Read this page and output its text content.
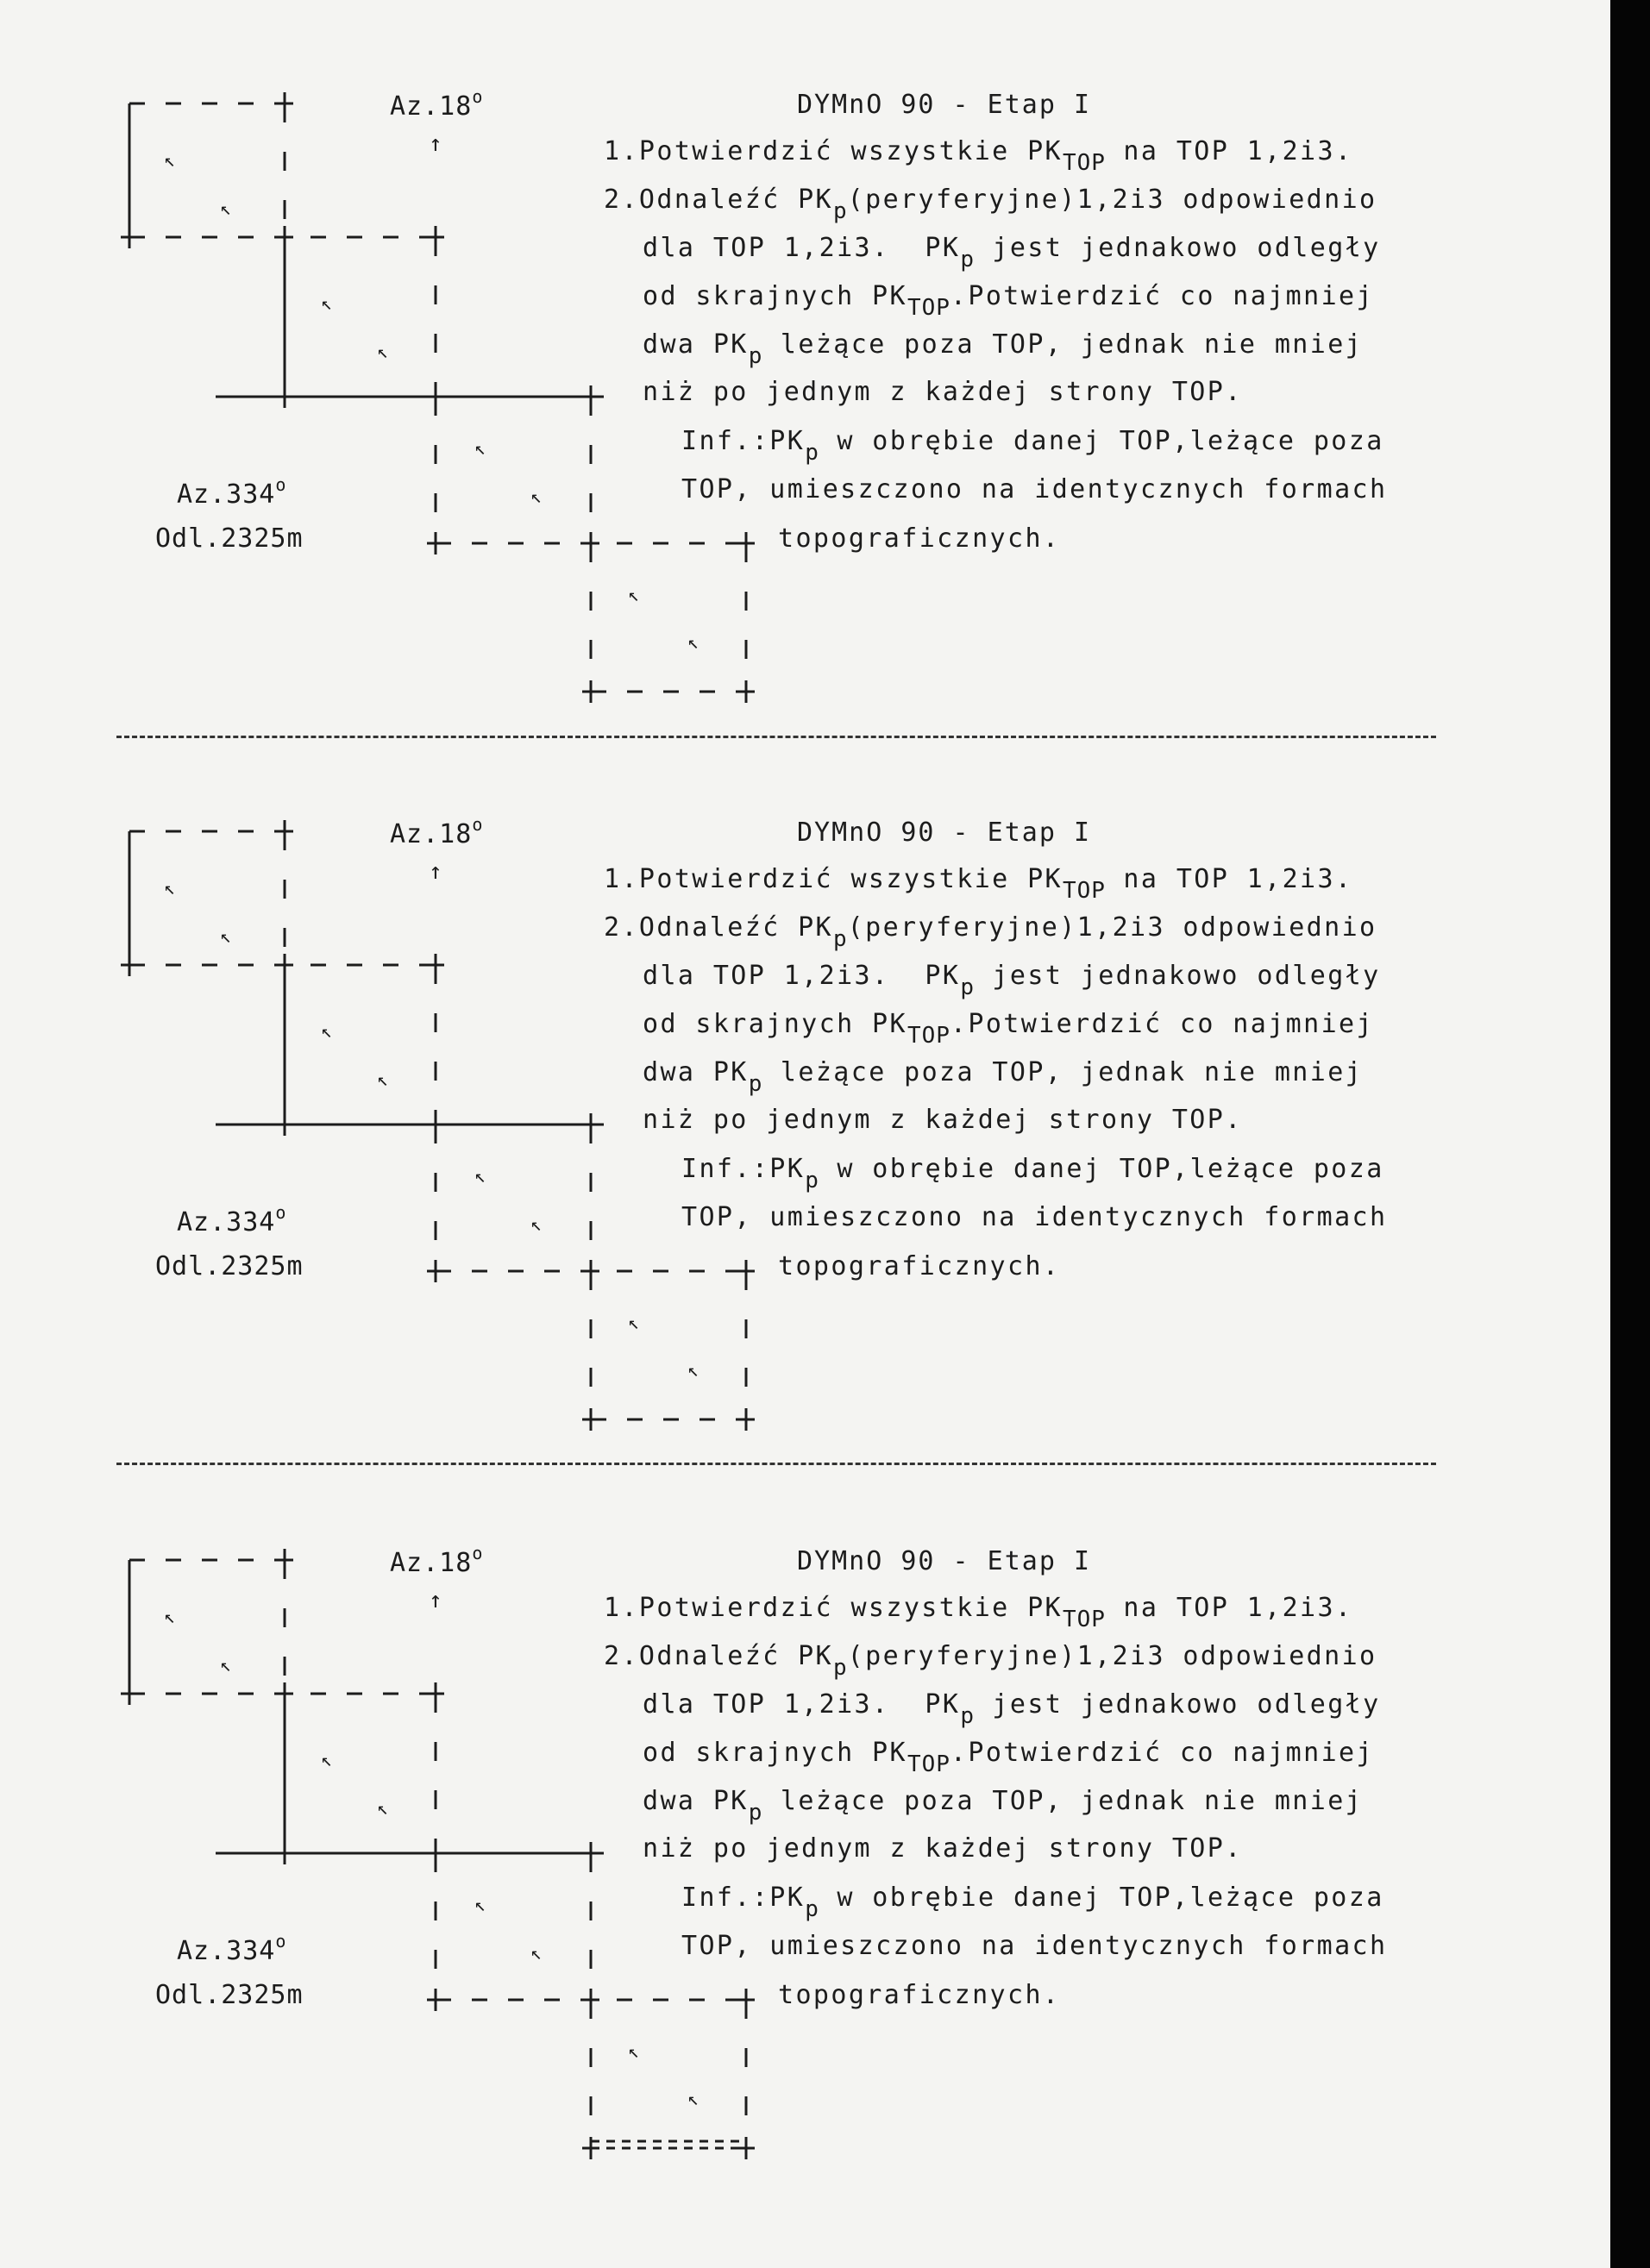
↖
↖
↖
↖
↖
↖
↖
↖
Az.18$^o$
↑
Az.334$^o$
Odl.2325m
DYMnO 90 - Etap I
1.Potwierdzić wszystkie $PK_{TOP}$ na TOP 1,2i3.
2.Odnaleźć $PK_p(peryferyjne)1,2i3$ odpowiednio
dla TOP 1,2i3.  $PK_p$ jest jednakowo odległy
od skrajnych $PK_{TOP}.Potwierdzić$ co najmniej
dwa $PK_p$ leżące poza TOP, jednak nie mniej
niż po jednym z każdej strony TOP.
$Inf.:PK_p$ w obrębie danej TOP,leżące poza
TOP, umieszczono na identycznych formach
topograficznych.
↖
↖
↖
↖
↖
↖
↖
↖
Az.18$^o$
↑
Az.334$^o$
Odl.2325m
DYMnO 90 - Etap I
1.Potwierdzić wszystkie $PK_{TOP}$ na TOP 1,2i3.
2.Odnaleźć $PK_p(peryferyjne)1,2i3$ odpowiednio
dla TOP 1,2i3.  $PK_p$ jest jednakowo odległy
od skrajnych $PK_{TOP}.Potwierdzić$ co najmniej
dwa $PK_p$ leżące poza TOP, jednak nie mniej
niż po jednym z każdej strony TOP.
$Inf.:PK_p$ w obrębie danej TOP,leżące poza
TOP, umieszczono na identycznych formach
topograficznych.
↖
↖
↖
↖
↖
↖
↖
↖
Az.18$^o$
↑
Az.334$^o$
Odl.2325m
DYMnO 90 - Etap I
1.Potwierdzić wszystkie $PK_{TOP}$ na TOP 1,2i3.
2.Odnaleźć $PK_p(peryferyjne)1,2i3$ odpowiednio
dla TOP 1,2i3.  $PK_p$ jest jednakowo odległy
od skrajnych $PK_{TOP}.Potwierdzić$ co najmniej
dwa $PK_p$ leżące poza TOP, jednak nie mniej
niż po jednym z każdej strony TOP.
$Inf.:PK_p$ w obrębie danej TOP,leżące poza
TOP, umieszczono na identycznych formach
topograficznych.
